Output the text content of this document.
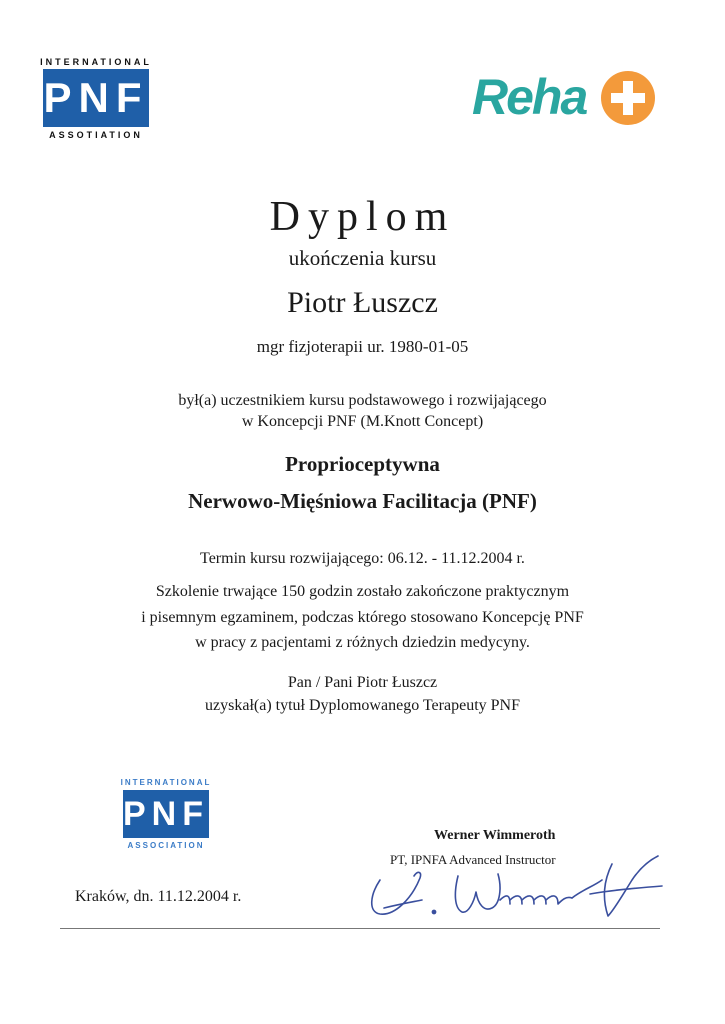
INTERNATIONAL
PNF
ASSOTIATION
Reha
Dyplom
ukończenia kursu
Piotr Łuszcz
mgr fizjoterapii ur. 1980-01-05
był(a) uczestnikiem kursu podstawowego i rozwijającego
w Koncepcji PNF (M.Knott Concept)
Proprioceptywna
Nerwowo-Mięśniowa Facilitacja (PNF)
Termin kursu rozwijającego: 06.12. - 11.12.2004 r.
Szkolenie trwające 150 godzin zostało zakończone praktycznym
i pisemnym egzaminem, podczas którego stosowano Koncepcję PNF
w pracy z pacjentami z różnych dziedzin medycyny.
Pan / Pani Piotr Łuszcz
uzyskał(a) tytuł Dyplomowanego Terapeuty PNF
INTERNATIONAL
PNF
ASSOCIATION
Werner Wimmeroth
PT, IPNFA Advanced Instructor
Kraków, dn. 11.12.2004 r.
